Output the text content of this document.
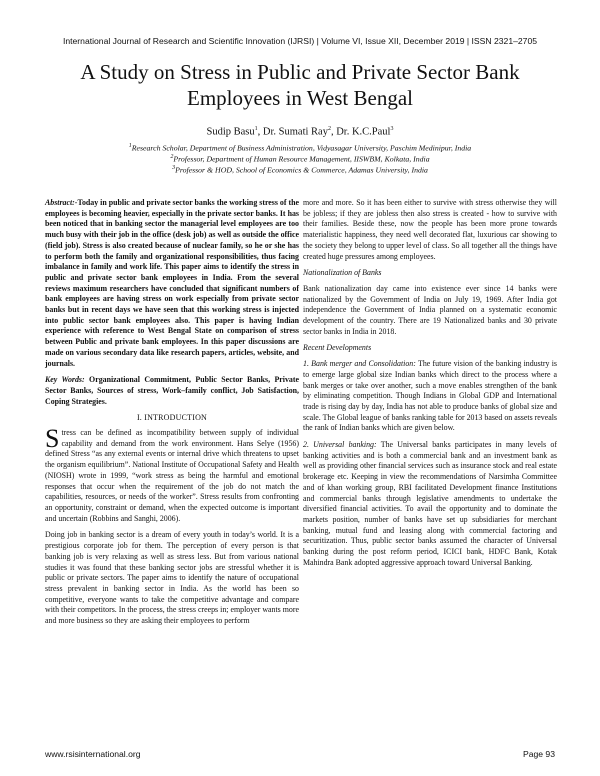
International Journal of Research and Scientific Innovation (IJRSI) | Volume VI, Issue XII, December 2019 | ISSN 2321–2705
A Study on Stress in Public and Private Sector Bank
Employees in West Bengal
Sudip Basu$^1$, Dr. Sumati Ray$^2$, Dr. K.C.Paul$^3$
$^1$Research Scholar, Department of Business Administration, Vidyasagar University, Paschim Medinipur, India
$^2$Professor, Department of Human Resource Management, IISWBM, Kolkata, India
$^3$Professor & HOD, School of Economics & Commerce, Adamas University, India

Abstract:-Today in public and private sector banks the working stress of the employees is becoming heavier, especially in the private sector banks. It has been noticed that in banking sector the managerial level employees are too much busy with their job in the office (desk job) as well as outside the office (field job). Stress is also created because of nuclear family, so he or she has to perform both the family and organizational responsibilities, thus facing imbalance in family and work life. This paper aims to identify the stress in public and private sector bank employees in India. From the several reviews maximum researchers have concluded that significant numbers of bank employees are having stress on work especially from private sector banks but in recent days we have seen that this working stress is injected into public sector bank employees also. This paper is having Indian experience with reference to West Bengal State on comparison of stress between Public and private bank employees. In this paper discussions are made on various secondary data like research papers, articles, website, and journals.

Key Words: Organizational Commitment, Public Sector Banks, Private Sector Banks, Sources of stress, Work–family conflict, Job Satisfaction, Coping Strategies.

I. INTRODUCTION

Stress can be defined as incompatibility between supply of individual capability and demand from the work environment. Hans Selye (1956) defined Stress “as any external events or internal drive which threatens to upset the organism equilibrium”. National Institute of Occupational Safety and Health (NIOSH) wrote in 1999, “work stress as being the harmful and emotional responses that occur when the requirement of the job do not match the capabilities, resources, or needs of the worker”. Stress results from confronting an opportunity, constraint or demand, when the expected outcome is important and uncertain (Robbins and Sanghi, 2006).

Doing job in banking sector is a dream of every youth in today’s world. It is a prestigious corporate job for them. The perception of every person is that banking job is very relaxing as well as stress less. But from various national studies it was found that these banking sector jobs are stressful whether it is public or private sectors. The paper aims to identify the nature of occupational stress prevalent in banking sector in India. As the world has been so competitive, everyone wants to take the competitive advantage and compare with their competitors. In the process, the stress creeps in; employer wants more and more business so they are asking their employees to perform

more and more. So it has been either to survive with stress otherwise they will be jobless; if they are jobless then also stress is created - how to survive with their families. Beside these, now the people has been more prone towards materialistic happiness, they need well decorated flat, luxurious car showing to the society they belong to upper level of class. So all together all the things have created huge pressures among employees.

Nationalization of Banks

Bank nationalization day came into existence ever since 14 banks were nationalized by the Government of India on July 19, 1969. After India got independence the Government of India planned on a systematic economic development of the country. There are 19 Nationalized banks and 30 private sector banks in India in 2018.

Recent Developments

1. Bank merger and Consolidation: The future vision of the banking industry is to emerge large global size Indian banks which direct to the process where a bank merges or take over another, such a move enables strengthen of the bank by eliminating competition. Though Indians in Global GDP and International trade is rising day by day, India has not able to produce banks of global size and scale. The Global league of banks ranking table for 2013 based on assets reveals the rank of Indian banks which are given below.

2. Universal banking: The Universal banks participates in many levels of banking activities and is both a commercial bank and an investment bank as well as providing other financial services such as insurance stock and real estate brokerage etc. Keeping in view the recommendations of Narsimha Committee and of khan working group, RBI facilitated Development finance Institutions and commercial banks through legislative amendments to undertake the diversified financial activities. To avail the opportunity and to dominate the markets position, number of banks have set up subsidiaries for merchant banking, mutual fund and leasing along with commercial factoring and securitization. Thus, public sector banks assumed the character of Universal banking during the post reform period, ICICI bank, HDFC Bank, Kotak Mahindra Bank adopted aggressive approach toward Universal Banking.

www.rsisinternational.org	Page 93
